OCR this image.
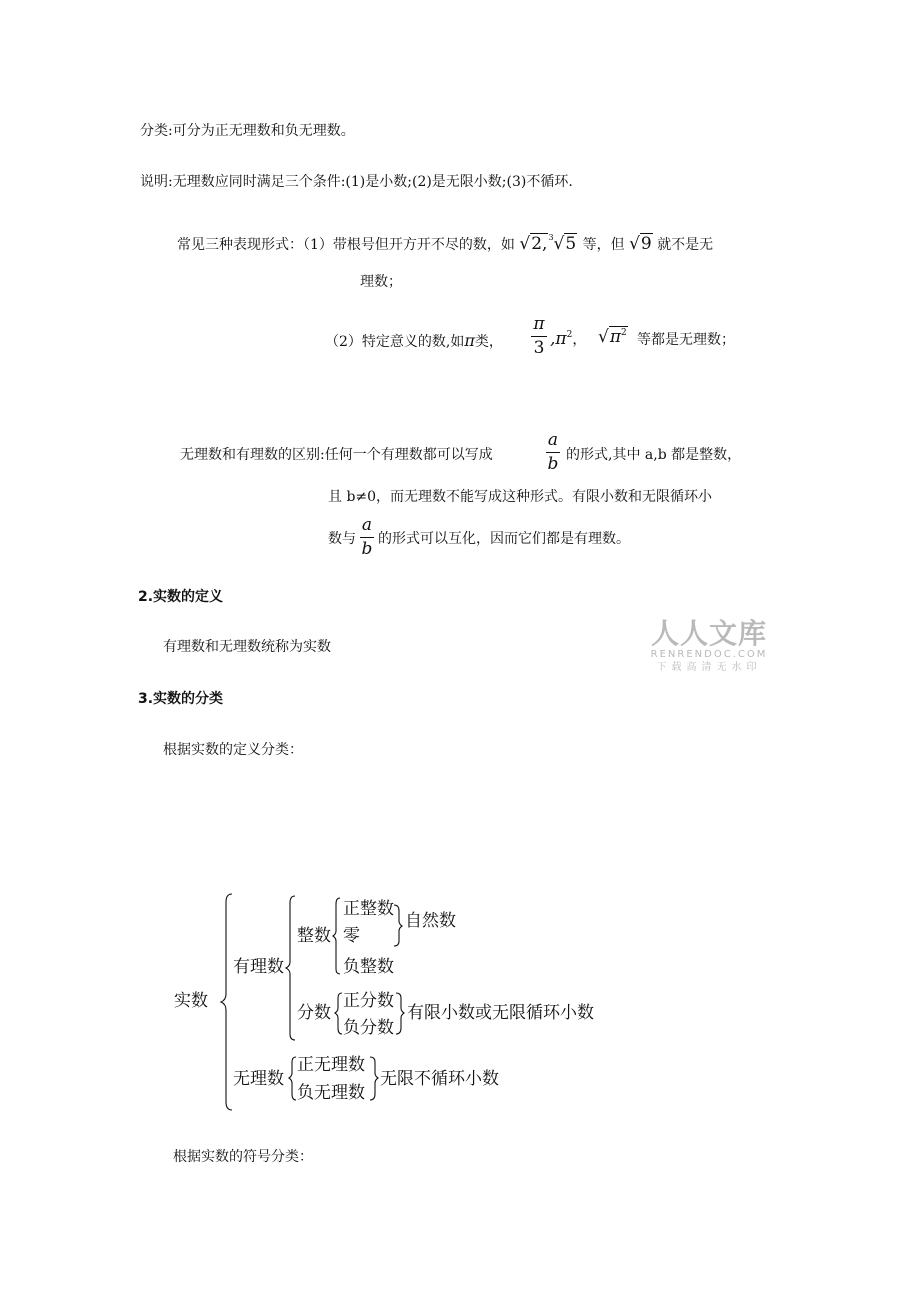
分类:可分为正无理数和负无理数。
说明:无理数应同时满足三个条件:(1)是小数;(2)是无限小数;(3)不循环.
常见三种表现形式：（1）带根号但开方开不尽的数，如 √2,$^3$√5 等，但 √9 就不是无
理数；
（2）特定意义的数,如π类，
π
3 $,\pi^2$， $√\pi^2$ 等都是无理数；
无理数和有理数的区别:任何一个有理数都可以写成
a
b 的形式,其中 a,b 都是整数，
且 b≠0，而无理数不能写成这种形式。有限小数和无限循环小
数与
a
b 的形式可以互化，因而它们都是有理数。
2.实数的定义
有理数和无理数统称为实数	人人文库
RENRENDOC.COM
下载高清无水印
3.实数的分类
根据实数的定义分类：
实数
有理数
整数
正整数
零
自然数
负整数
分数
正分数
负分数
有限小数或无限循环小数
无理数
正无理数
负无理数
无限不循环小数
根据实数的符号分类：
